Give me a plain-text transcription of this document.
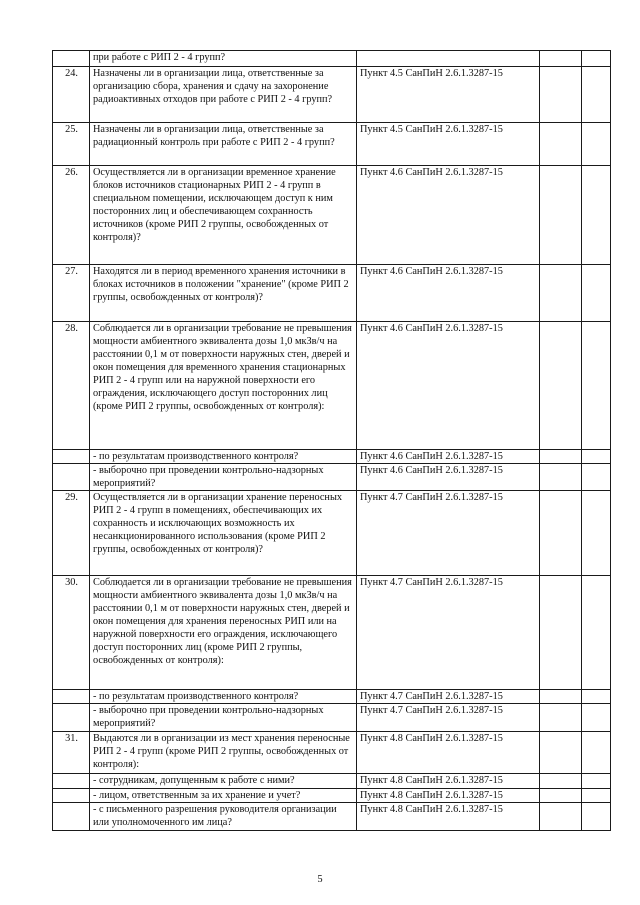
	при работе с РИП 2 - 4 групп?			
24.	Назначены ли в организации лица, ответственные за организацию сбора, хранения и сдачу на захоронение радиоактивных отходов при работе с РИП 2 - 4 групп?	Пункт 4.5 СанПиН 2.6.1.3287-15		
25.	Назначены ли в организации лица, ответственные за радиационный контроль при работе с РИП 2 - 4 групп?	Пункт 4.5 СанПиН 2.6.1.3287-15		
26.	Осуществляется ли в организации временное хранение блоков источников стационарных РИП 2 - 4 групп в специальном помещении, исключающем доступ к ним посторонних лиц и обеспечивающем сохранность источников (кроме РИП 2 группы, освобожденных от контроля)?	Пункт 4.6 СанПиН 2.6.1.3287-15		
27.	Находятся ли в период временного хранения источники в блоках источников в положении "хранение" (кроме РИП 2 группы, освобожденных от контроля)?	Пункт 4.6 СанПиН 2.6.1.3287-15		
28.	Соблюдается ли в организации требование не превышения мощности амбиентного эквивалента дозы 1,0 мкЗв/ч на расстоянии 0,1 м от поверхности наружных стен, дверей и окон помещения для временного хранения стационарных РИП 2 - 4 групп или на наружной поверхности его ограждения, исключающего доступ посторонних лиц (кроме РИП 2 группы, освобожденных от контроля):	Пункт 4.6 СанПиН 2.6.1.3287-15		
	- по результатам производственного контроля?	Пункт 4.6 СанПиН 2.6.1.3287-15		
	- выборочно при проведении контрольно-надзорных мероприятий?	Пункт 4.6 СанПиН 2.6.1.3287-15		
29.	Осуществляется ли в организации хранение переносных РИП 2 - 4 групп в помещениях, обеспечивающих их сохранность и исключающих возможность их несанкционированного использования (кроме РИП 2 группы, освобожденных от контроля)?	Пункт 4.7 СанПиН 2.6.1.3287-15		
30.	Соблюдается ли в организации требование не превышения мощности амбиентного эквивалента дозы 1,0 мкЗв/ч на расстоянии 0,1 м от поверхности наружных стен, дверей и окон помещения для хранения переносных РИП или на наружной поверхности его ограждения, исключающего доступ посторонних лиц (кроме РИП 2 группы, освобожденных от контроля):	Пункт 4.7 СанПиН 2.6.1.3287-15		
	- по результатам производственного контроля?	Пункт 4.7 СанПиН 2.6.1.3287-15		
	- выборочно при проведении контрольно-надзорных мероприятий?	Пункт 4.7 СанПиН 2.6.1.3287-15		
31.	Выдаются ли в организации из мест хранения переносные РИП 2 - 4 групп (кроме РИП 2 группы, освобожденных от контроля):	Пункт 4.8 СанПиН 2.6.1.3287-15		
	- сотрудникам, допущенным к работе с ними?	Пункт 4.8 СанПиН 2.6.1.3287-15		
	- лицом, ответственным за их хранение и учет?	Пункт 4.8 СанПиН 2.6.1.3287-15		
	- с письменного разрешения руководителя организации или уполномоченного им лица?	Пункт 4.8 СанПиН 2.6.1.3287-15		
5
